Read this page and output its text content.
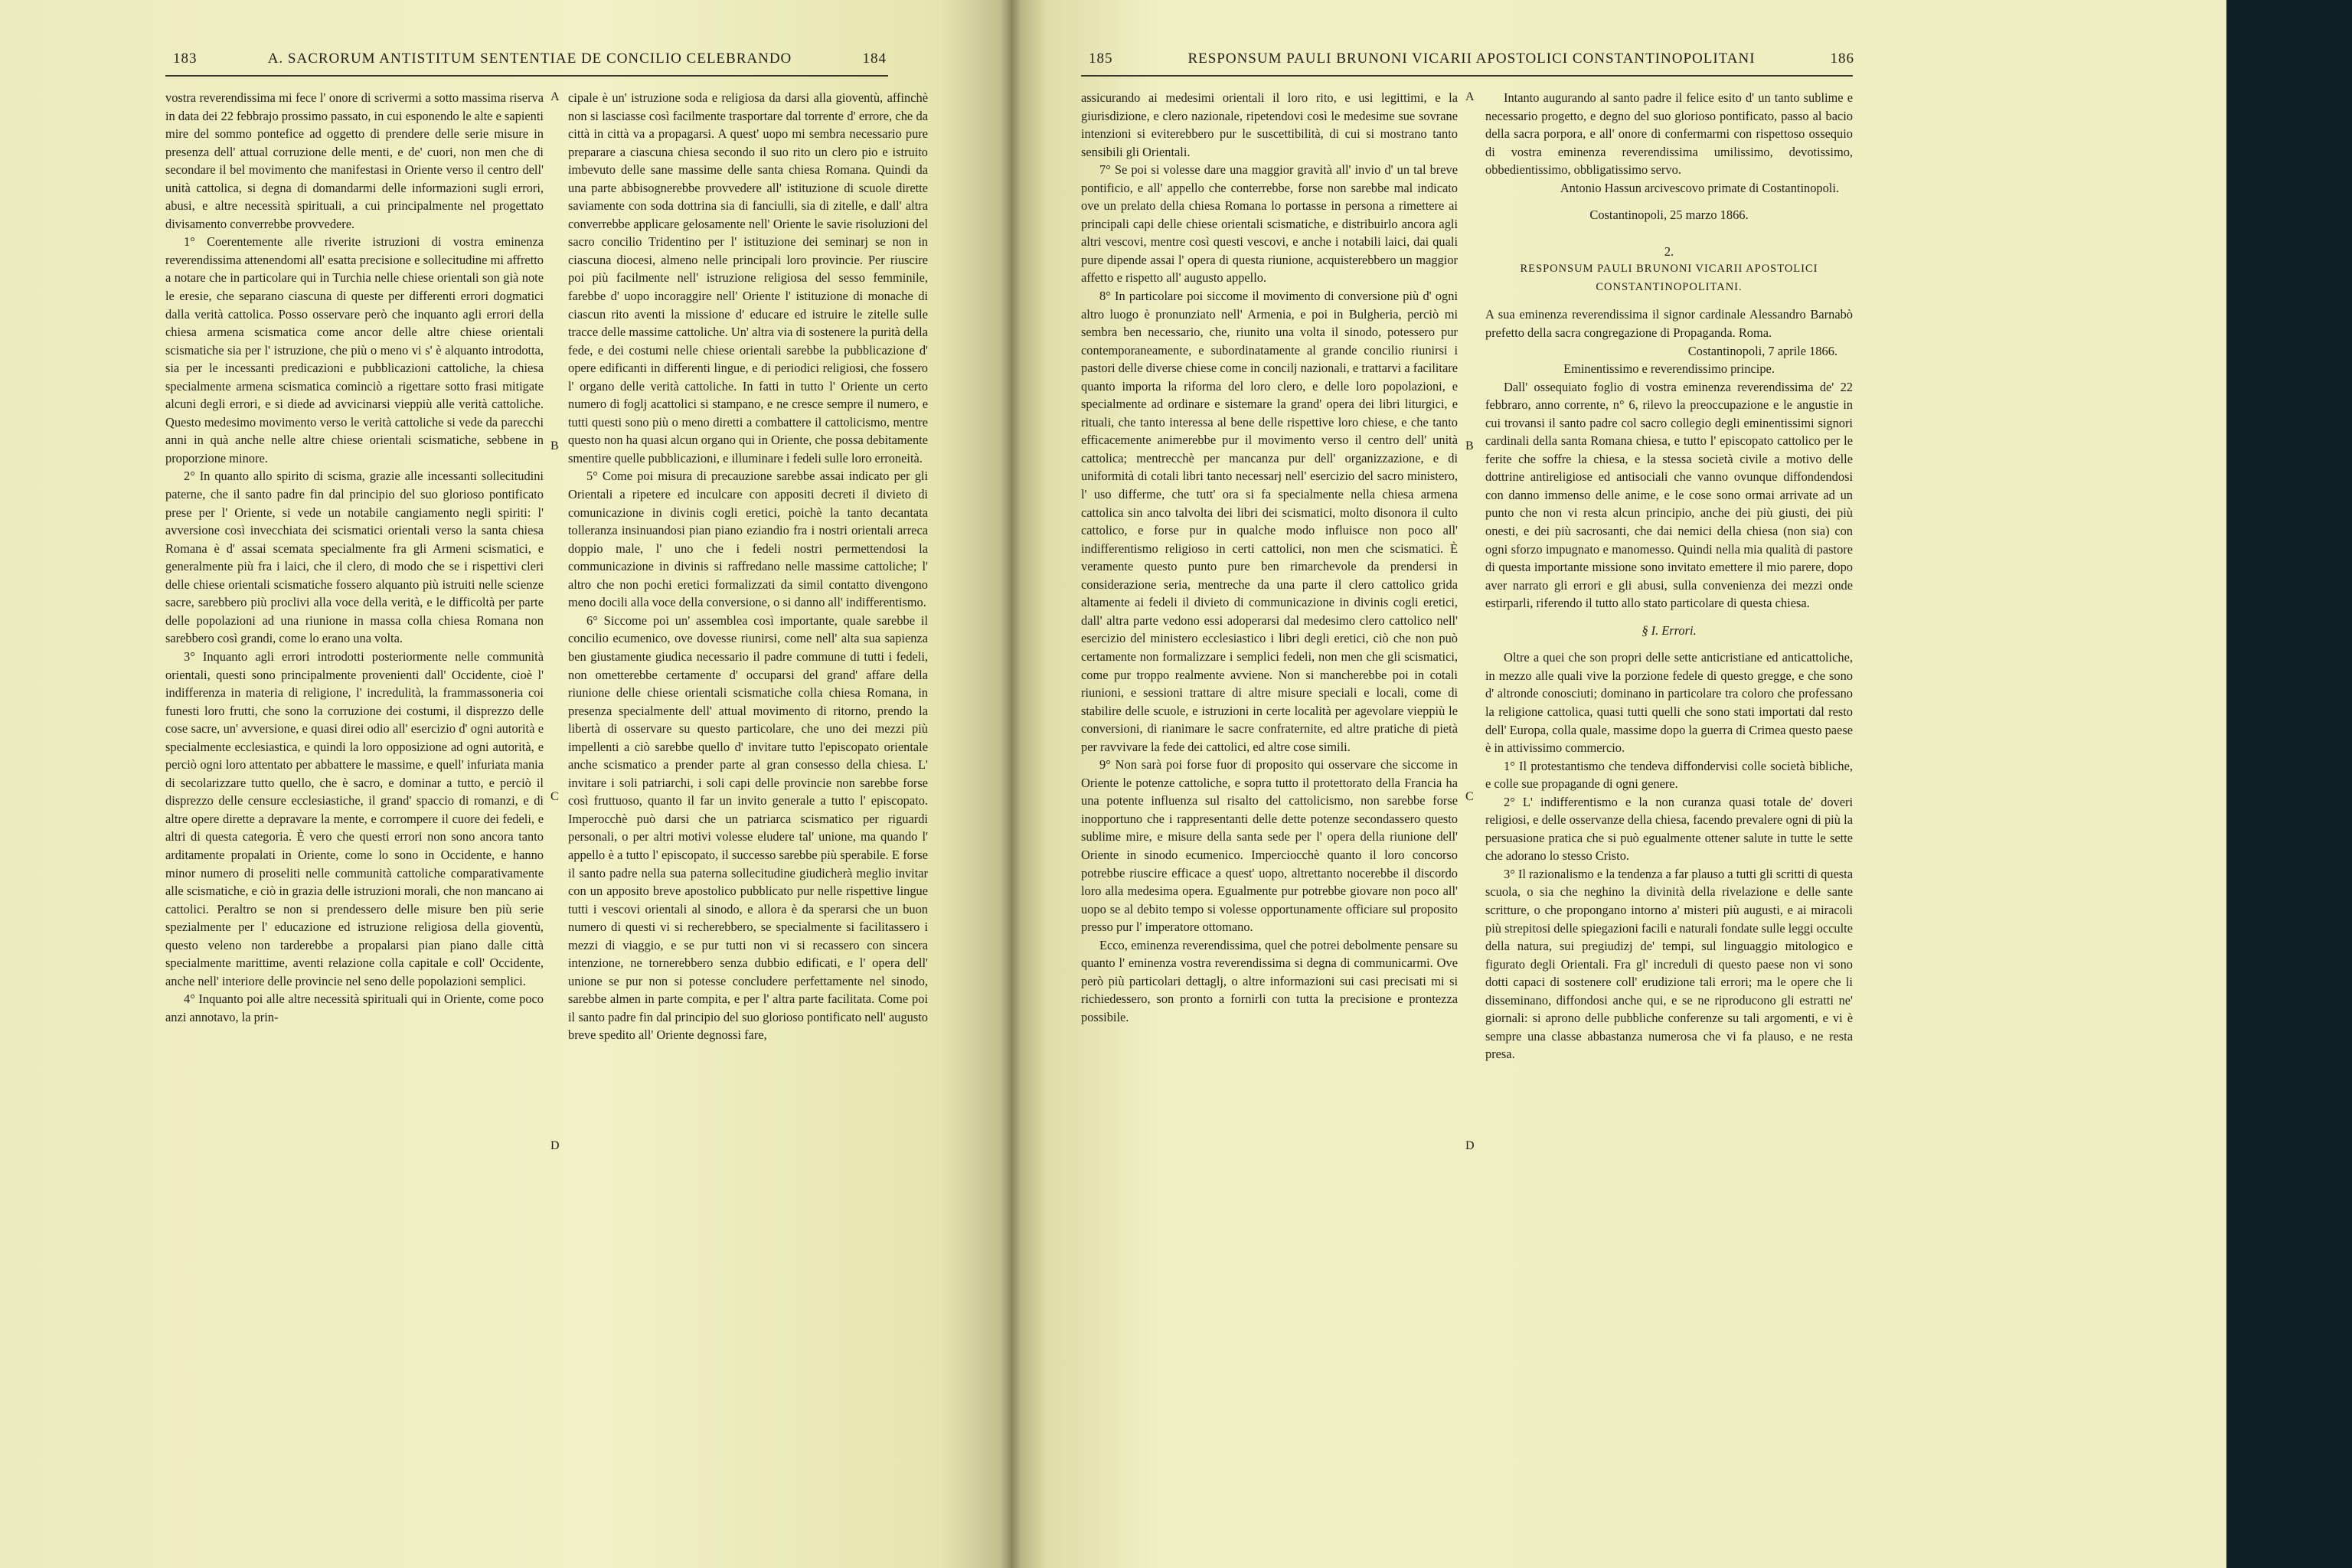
183	A. SACRORUM ANTISTITUM SENTENTIAE DE CONCILIO CELEBRANDO	184

vostra reverendissima mi fece l' onore di scrivermi a sotto massima riserva in data dei 22 febbrajo prossimo passato, in cui esponendo le alte e sapienti mire del sommo pontefice ad oggetto di prendere delle serie misure in presenza dell' attual corruzione delle menti, e de' cuori, non men che di secondare il bel movimento che manifestasi in Oriente verso il centro dell' unità cattolica, si degna di domandarmi delle informazioni sugli errori, abusi, e altre necessità spirituali, a cui principalmente nel progettato divisamento converrebbe provvedere.

1° Coerentemente alle riverite istruzioni di vostra eminenza reverendissima attenendomi all' esatta precisione e sollecitudine mi affretto a notare che in particolare qui in Turchia nelle chiese orientali son già note le eresie, che separano ciascuna di queste per differenti errori dogmatici dalla verità cattolica. Posso osservare però che inquanto agli errori della chiesa armena scismatica come ancor delle altre chiese orientali scismatiche sia per l' istruzione, che più o meno vi s' è alquanto introdotta, sia per le incessanti predicazioni e pubblicazioni cattoliche, la chiesa specialmente armena scismatica cominciò a rigettare sotto frasi mitigate alcuni degli errori, e si diede ad avvicinarsi vieppiù alle verità cattoliche. Questo medesimo movimento verso le verità cattoliche si vede da parecchi anni in quà anche nelle altre chiese orientali scismatiche, sebbene in proporzione minore.

2° In quanto allo spirito di scisma, grazie alle incessanti sollecitudini paterne, che il santo padre fin dal principio del suo glorioso pontificato prese per l' Oriente, si vede un notabile cangiamento negli spiriti: l' avversione così invecchiata dei scismatici orientali verso la santa chiesa Romana è d' assai scemata specialmente fra gli Armeni scismatici, e generalmente più fra i laici, che il clero, di modo che se i rispettivi cleri delle chiese orientali scismatiche fossero alquanto più istruiti nelle scienze sacre, sarebbero più proclivi alla voce della verità, e le difficoltà per parte delle popolazioni ad una riunione in massa colla chiesa Romana non sarebbero così grandi, come lo erano una volta.

3° Inquanto agli errori introdotti posteriormente nelle communità orientali, questi sono principalmente provenienti dall' Occidente, cioè l' indifferenza in materia di religione, l' incredulità, la frammassoneria coi funesti loro frutti, che sono la corruzione dei costumi, il disprezzo delle cose sacre, un' avversione, e quasi direi odio all' esercizio d' ogni autorità e specialmente ecclesiastica, e quindi la loro opposizione ad ogni autorità, e perciò ogni loro attentato per abbattere le massime, e quell' infuriata mania di secolarizzare tutto quello, che è sacro, e dominar a tutto, e perciò il disprezzo delle censure ecclesiastiche, il grand' spaccio di romanzi, e di altre opere dirette a depravare la mente, e corrompere il cuore dei fedeli, e altri di questa categoria. È vero che questi errori non sono ancora tanto arditamente propalati in Oriente, come lo sono in Occidente, e hanno minor numero di proseliti nelle communità cattoliche comparativamente alle scismatiche, e ciò in grazia delle istruzioni morali, che non mancano ai cattolici. Peraltro se non si prendessero delle misure ben più serie spezialmente per l' educazione ed istruzione religiosa della gioventù, questo veleno non tarderebbe a propalarsi pian piano dalle città specialmente marittime, aventi relazione colla capitale e coll' Occidente, anche nell' interiore delle provincie nel seno delle popolazioni semplici.

4° Inquanto poi alle altre necessità spirituali qui in Oriente, come poco anzi annotavo, la prin-

cipale è un' istruzione soda e religiosa da darsi alla gioventù, affinchè non si lasciasse così facilmente trasportare dal torrente d' errore, che da città in città va a propagarsi. A quest' uopo mi sembra necessario pure preparare a ciascuna chiesa secondo il suo rito un clero pio e istruito imbevuto delle sane massime delle santa chiesa Romana. Quindi da una parte abbisognerebbe provvedere all' istituzione di scuole dirette saviamente con soda dottrina sia di fanciulli, sia di zitelle, e dall' altra converrebbe applicare gelosamente nell' Oriente le savie risoluzioni del sacro concilio Tridentino per l' istituzione dei seminarj se non in ciascuna diocesi, almeno nelle principali loro provincie. Per riuscire poi più facilmente nell' istruzione religiosa del sesso femminile, farebbe d' uopo incoraggire nell' Oriente l' istituzione di monache di ciascun rito aventi la missione d' educare ed istruire le zitelle sulle tracce delle massime cattoliche. Un' altra via di sostenere la purità della fede, e dei costumi nelle chiese orientali sarebbe la pubblicazione d' opere edificanti in differenti lingue, e di periodici religiosi, che fossero l' organo delle verità cattoliche. In fatti in tutto l' Oriente un certo numero di foglj acattolici si stampano, e ne cresce sempre il numero, e tutti questi sono più o meno diretti a combattere il cattolicismo, mentre questo non ha quasi alcun organo qui in Oriente, che possa debitamente smentire quelle pubblicazioni, e illuminare i fedeli sulle loro erroneità.

5° Come poi misura di precauzione sarebbe assai indicato per gli Orientali a ripetere ed inculcare con appositi decreti il divieto di comunicazione in divinis cogli eretici, poichè la tanto decantata tolleranza insinuandosi pian piano eziandio fra i nostri orientali arreca doppio male, l' uno che i fedeli nostri permettendosi la communicazione in divinis si raffredano nelle massime cattoliche; l' altro che non pochi eretici formalizzati da simil contatto divengono meno docili alla voce della conversione, o si danno all' indifferentismo.

6° Siccome poi un' assemblea così importante, quale sarebbe il concilio ecumenico, ove dovesse riunirsi, come nell' alta sua sapienza ben giustamente giudica necessario il padre commune di tutti i fedeli, non ometterebbe certamente d' occuparsi del grand' affare della riunione delle chiese orientali scismatiche colla chiesa Romana, in presenza specialmente dell' attual movimento di ritorno, prendo la libertà di osservare su questo particolare, che uno dei mezzi più impellenti a ciò sarebbe quello d' invitare tutto l'episcopato orientale anche scismatico a prender parte al gran consesso della chiesa. L' invitare i soli patriarchi, i soli capi delle provincie non sarebbe forse così fruttuoso, quanto il far un invito generale a tutto l' episcopato. Imperocchè può darsi che un patriarca scismatico per riguardi personali, o per altri motivi volesse eludere tal' unione, ma quando l' appello è a tutto l' episcopato, il successo sarebbe più sperabile. E forse il santo padre nella sua paterna sollecitudine giudicherà meglio invitar con un apposito breve apostolico pubblicato pur nelle rispettive lingue tutti i vescovi orientali al sinodo, e allora è da sperarsi che un buon numero di questi vi si recherebbero, se specialmente si facilitassero i mezzi di viaggio, e se pur tutti non vi si recassero con sincera intenzione, ne tornerebbero senza dubbio edificati, e l' opera dell' unione se pur non si potesse concludere perfettamente nel sinodo, sarebbe almen in parte compita, e per l' altra parte facilitata. Come poi il santo padre fin dal principio del suo glorioso pontificato nell' augusto breve spedito all' Oriente degnossi fare,

A
B
C
D
185	RESPONSUM PAULI BRUNONI VICARII APOSTOLICI CONSTANTINOPOLITANI	186

assicurando ai medesimi orientali il loro rito, e usi legittimi, e la giurisdizione, e clero nazionale, ripetendovi così le medesime sue sovrane intenzioni si eviterebbero pur le suscettibilità, di cui si mostrano tanto sensibili gli Orientali.

7° Se poi si volesse dare una maggior gravità all' invio d' un tal breve pontificio, e all' appello che conterrebbe, forse non sarebbe mal indicato ove un prelato della chiesa Romana lo portasse in persona a rimettere ai principali capi delle chiese orientali scismatiche, e distribuirlo ancora agli altri vescovi, mentre così questi vescovi, e anche i notabili laici, dai quali pure dipende assai l' opera di questa riunione, acquisterebbero un maggior affetto e rispetto all' augusto appello.

8° In particolare poi siccome il movimento di conversione più d' ogni altro luogo è pronunziato nell' Armenia, e poi in Bulgheria, perciò mi sembra ben necessario, che, riunito una volta il sinodo, potessero pur contemporaneamente, e subordinatamente al grande concilio riunirsi i pastori delle diverse chiese come in concilj nazionali, e trattarvi a facilitare quanto importa la riforma del loro clero, e delle loro popolazioni, e specialmente ad ordinare e sistemare la grand' opera dei libri liturgici, e rituali, che tanto interessa al bene delle rispettive loro chiese, e che tanto efficacemente animerebbe pur il movimento verso il centro dell' unità cattolica; mentrecchè per mancanza pur dell' organizzazione, e di uniformità di cotali libri tanto necessarj nell' esercizio del sacro ministero, l' uso differme, che tutt' ora si fa specialmente nella chiesa armena cattolica sin anco talvolta dei libri dei scismatici, molto disonora il culto cattolico, e forse pur in qualche modo influisce non poco all' indifferentismo religioso in certi cattolici, non men che scismatici. È veramente questo punto pure ben rimarchevole da prendersi in considerazione seria, mentreche da una parte il clero cattolico grida altamente ai fedeli il divieto di communicazione in divinis cogli eretici, dall' altra parte vedono essi adoperarsi dal medesimo clero cattolico nell' esercizio del ministero ecclesiastico i libri degli eretici, ciò che non può certamente non formalizzare i semplici fedeli, non men che gli scismatici, come pur troppo realmente avviene. Non si mancherebbe poi in cotali riunioni, e sessioni trattare di altre misure speciali e locali, come di stabilire delle scuole, e istruzioni in certe località per agevolare vieppiù le conversioni, di rianimare le sacre confraternite, ed altre pratiche di pietà per ravvivare la fede dei cattolici, ed altre cose simili.

9° Non sarà poi forse fuor di proposito qui osservare che siccome in Oriente le potenze cattoliche, e sopra tutto il protettorato della Francia ha una potente influenza sul risalto del cattolicismo, non sarebbe forse inopportuno che i rappresentanti delle dette potenze secondassero questo sublime mire, e misure della santa sede per l' opera della riunione dell' Oriente in sinodo ecumenico. Imperciocchè quanto il loro concorso potrebbe riuscire efficace a quest' uopo, altrettanto nocerebbe il discordo loro alla medesima opera. Egualmente pur potrebbe giovare non poco all' uopo se al debito tempo si volesse opportunamente officiare sul proposito presso pur l' imperatore ottomano.

Ecco, eminenza reverendissima, quel che potrei debolmente pensare su quanto l' eminenza vostra reverendissima si degna di communicarmi. Ove però più particolari dettaglj, o altre informazioni sui casi precisati mi si richiedessero, son pronto a fornirli con tutta la precisione e prontezza possibile.

Intanto augurando al santo padre il felice esito d' un tanto sublime e necessario progetto, e degno del suo glorioso pontificato, passo al bacio della sacra porpora, e all' onore di confermarmi con rispettoso ossequio di vostra eminenza reverendissima umilissimo, devotissimo, obbedientissimo, obbligatissimo servo.

Antonio Hassun arcivescovo primate di Costantinopoli.

Costantinopoli, 25 marzo 1866.

2.

RESPONSUM PAULI BRUNONI VICARII APOSTOLICI CONSTANTINOPOLITANI.

A sua eminenza reverendissima il signor cardinale Alessandro Barnabò prefetto della sacra congregazione di Propaganda. Roma.

Costantinopoli, 7 aprile 1866.

Eminentissimo e reverendissimo principe.

Dall' ossequiato foglio di vostra eminenza reverendissima de' 22 febbraro, anno corrente, n° 6, rilevo la preoccupazione e le angustie in cui trovansi il santo padre col sacro collegio degli eminentissimi signori cardinali della santa Romana chiesa, e tutto l' episcopato cattolico per le ferite che soffre la chiesa, e la stessa società civile a motivo delle dottrine antireligiose ed antisociali che vanno ovunque diffondendosi con danno immenso delle anime, e le cose sono ormai arrivate ad un punto che non vi resta alcun principio, anche dei più giusti, dei più onesti, e dei più sacrosanti, che dai nemici della chiesa (non sia) con ogni sforzo impugnato e manomesso. Quindi nella mia qualità di pastore di questa importante missione sono invitato emettere il mio parere, dopo aver narrato gli errori e gli abusi, sulla convenienza dei mezzi onde estirparli, riferendo il tutto allo stato particolare di questa chiesa.

§ I. Errori.

Oltre a quei che son propri delle sette anticristiane ed anticattoliche, in mezzo alle quali vive la porzione fedele di questo gregge, e che sono d' altronde conosciuti; dominano in particolare tra coloro che professano la religione cattolica, quasi tutti quelli che sono stati importati dal resto dell' Europa, colla quale, massime dopo la guerra di Crimea questo paese è in attivissimo commercio.

1° Il protestantismo che tendeva diffondervisi colle società bibliche, e colle sue propagande di ogni genere.

2° L' indifferentismo e la non curanza quasi totale de' doveri religiosi, e delle osservanze della chiesa, facendo prevalere ogni di più la persuasione pratica che si può egualmente ottener salute in tutte le sette che adorano lo stesso Cristo.

3° Il razionalismo e la tendenza a far plauso a tutti gli scritti di questa scuola, o sia che neghino la divinità della rivelazione e delle sante scritture, o che propongano intorno a' misteri più augusti, e ai miracoli più strepitosi delle spiegazioni facili e naturali fondate sulle leggi occulte della natura, sui pregiudizj de' tempi, sul linguaggio mitologico e figurato degli Orientali. Fra gl' increduli di questo paese non vi sono dotti capaci di sostenere coll' erudizione tali errori; ma le opere che li disseminano, diffondosi anche qui, e se ne riproducono gli estratti ne' giornali: si aprono delle pubbliche conferenze su tali argomenti, e vi è sempre una classe abbastanza numerosa che vi fa plauso, e ne resta presa.

A
B
C
D
